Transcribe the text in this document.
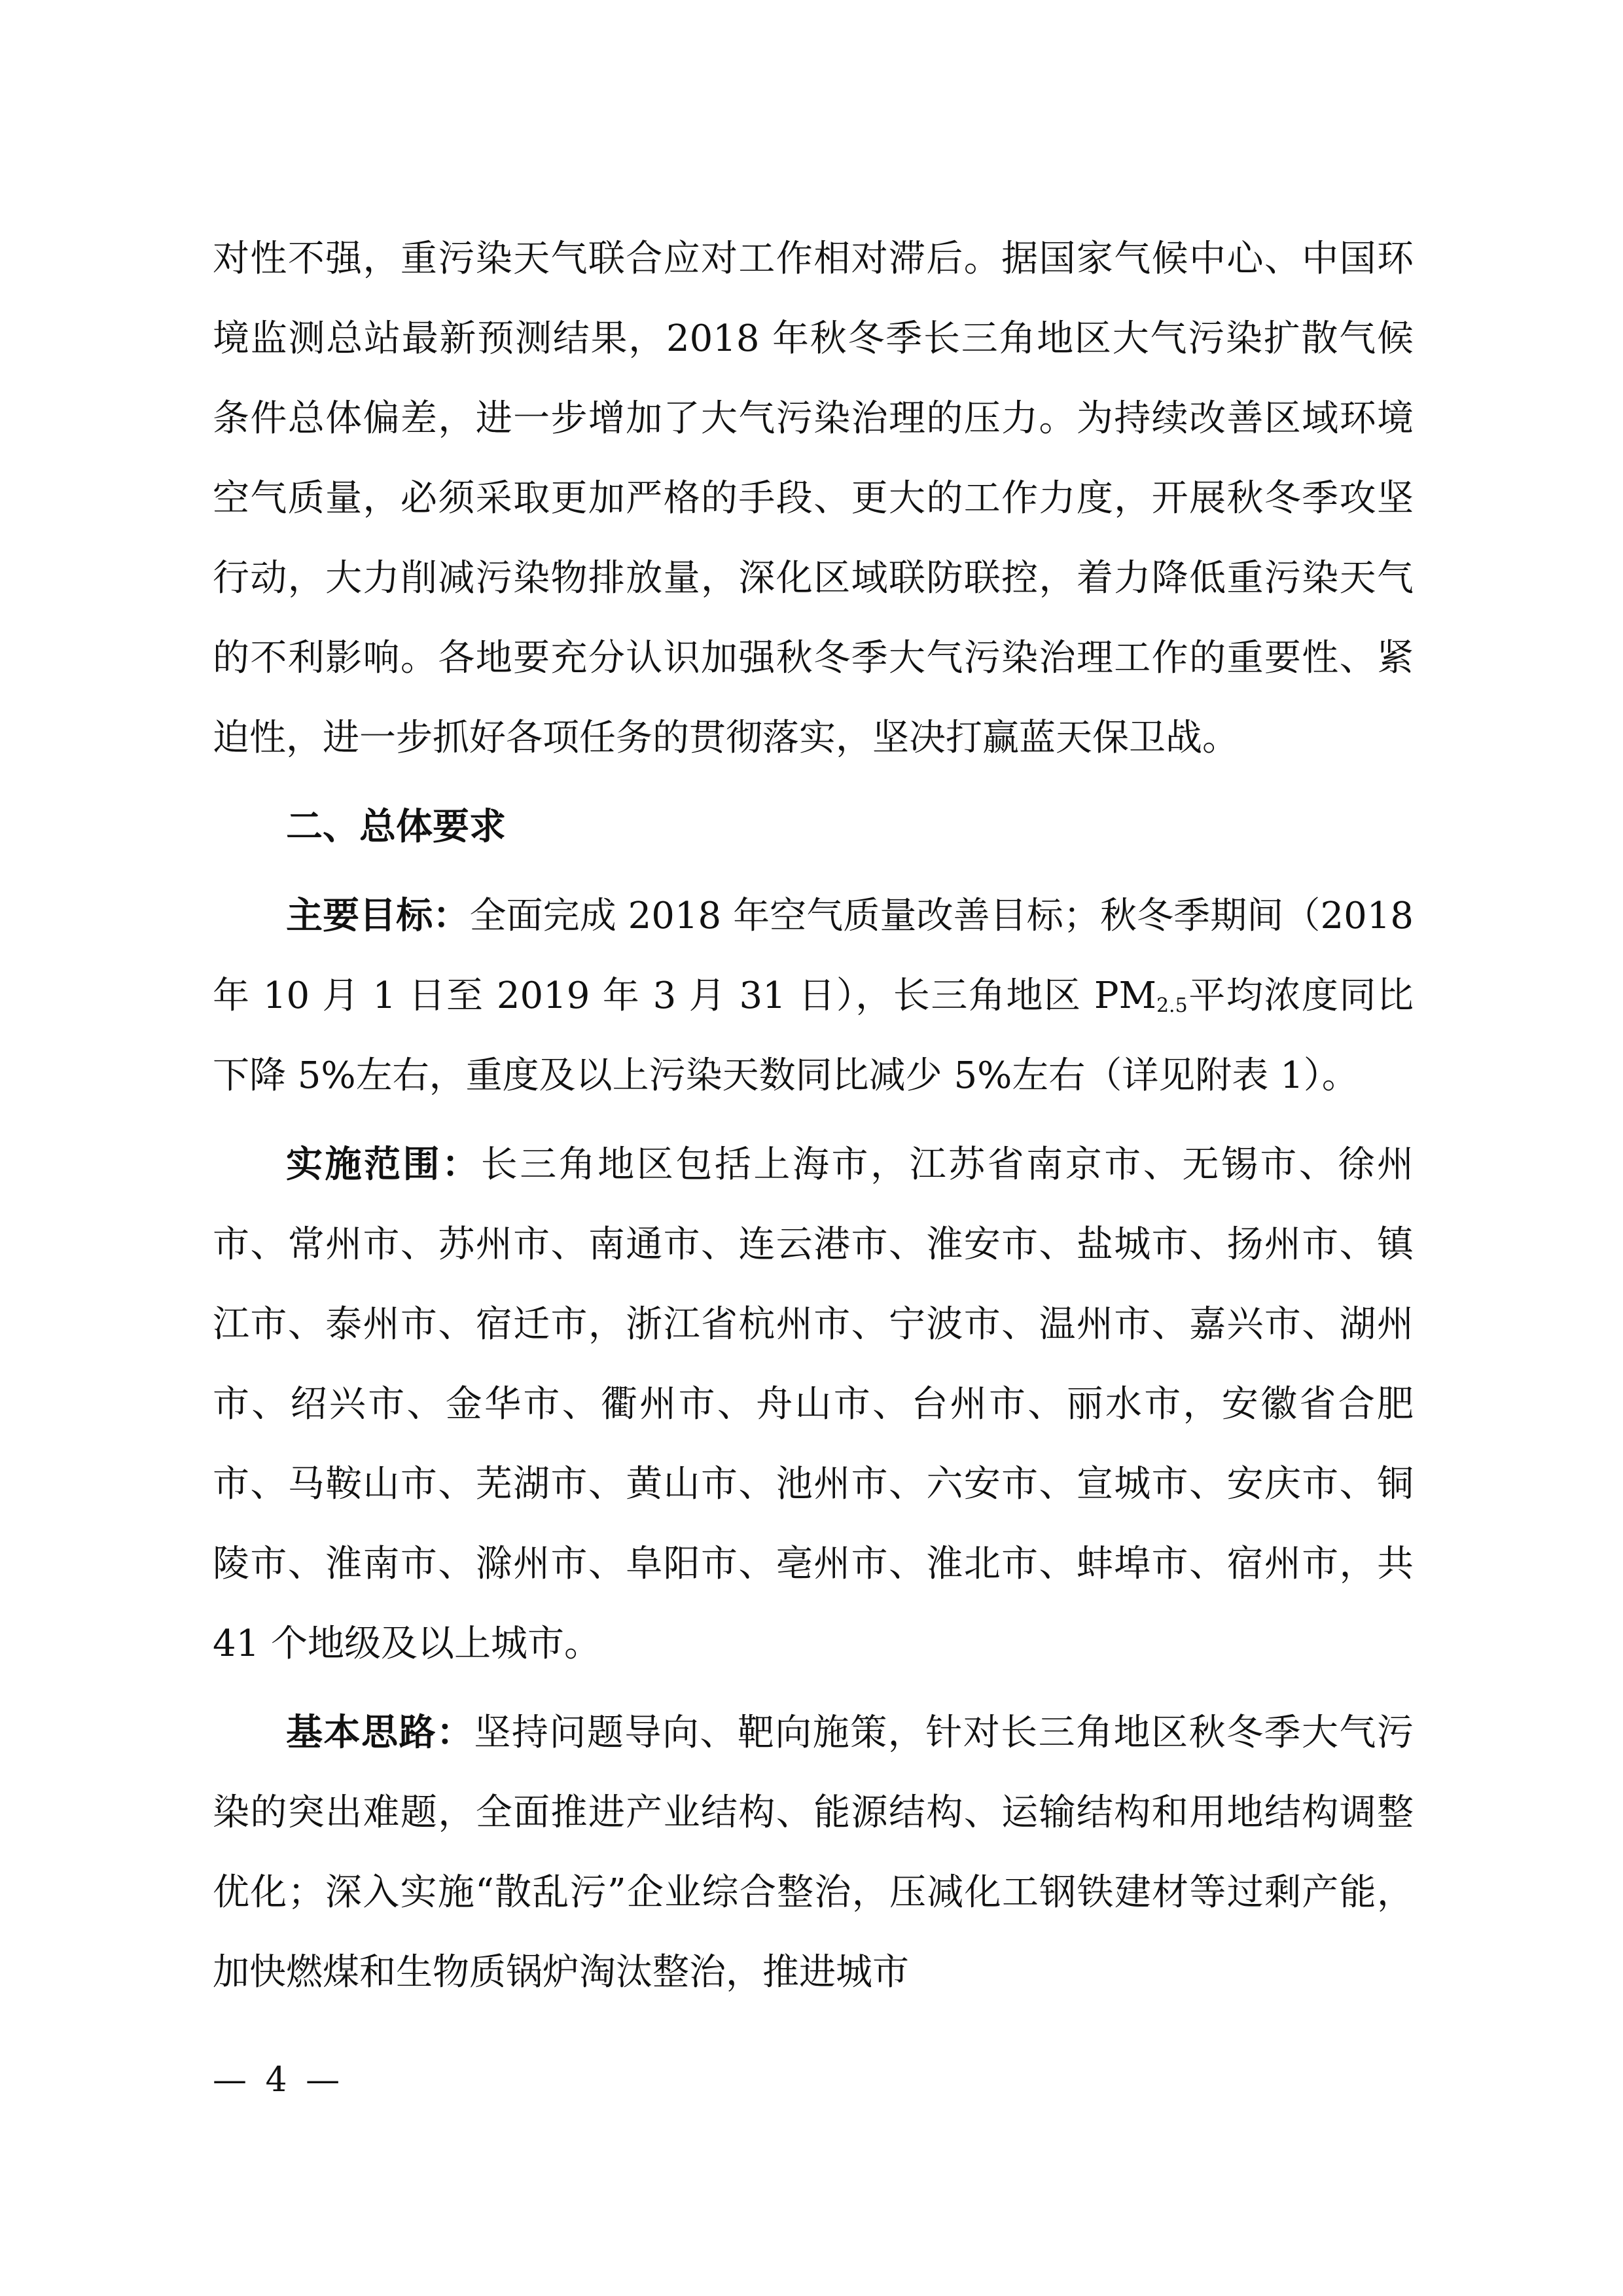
对性不强，重污染天气联合应对工作相对滞后。据国家气候中心、中国环境监测总站最新预测结果，2018 年秋冬季长三角地区大气污染扩散气候条件总体偏差，进一步增加了大气污染治理的压力。为持续改善区域环境空气质量，必须采取更加严格的手段、更大的工作力度，开展秋冬季攻坚行动，大力削减污染物排放量，深化区域联防联控，着力降低重污染天气的不利影响。各地要充分认识加强秋冬季大气污染治理工作的重要性、紧迫性，进一步抓好各项任务的贯彻落实，坚决打赢蓝天保卫战。

二、总体要求

主要目标：全面完成 2018 年空气质量改善目标；秋冬季期间（2018 年 10 月 1 日至 2019 年 3 月 31 日），长三角地区 $PM_{2.5}$平均浓度同比下降 5%左右，重度及以上污染天数同比减少 5%左右（详见附表 1）。

实施范围：长三角地区包括上海市，江苏省南京市、无锡市、徐州市、常州市、苏州市、南通市、连云港市、淮安市、盐城市、扬州市、镇江市、泰州市、宿迁市，浙江省杭州市、宁波市、温州市、嘉兴市、湖州市、绍兴市、金华市、衢州市、舟山市、台州市、丽水市，安徽省合肥市、马鞍山市、芜湖市、黄山市、池州市、六安市、宣城市、安庆市、铜陵市、淮南市、滁州市、阜阳市、亳州市、淮北市、蚌埠市、宿州市，共 41 个地级及以上城市。

基本思路：坚持问题导向、靶向施策，针对长三角地区秋冬季大气污染的突出难题，全面推进产业结构、能源结构、运输结构和用地结构调整优化；深入实施“散乱污”企业综合整治，压减化工钢铁建材等过剩产能，加快燃煤和生物质锅炉淘汰整治，推进城市

— 4 —
